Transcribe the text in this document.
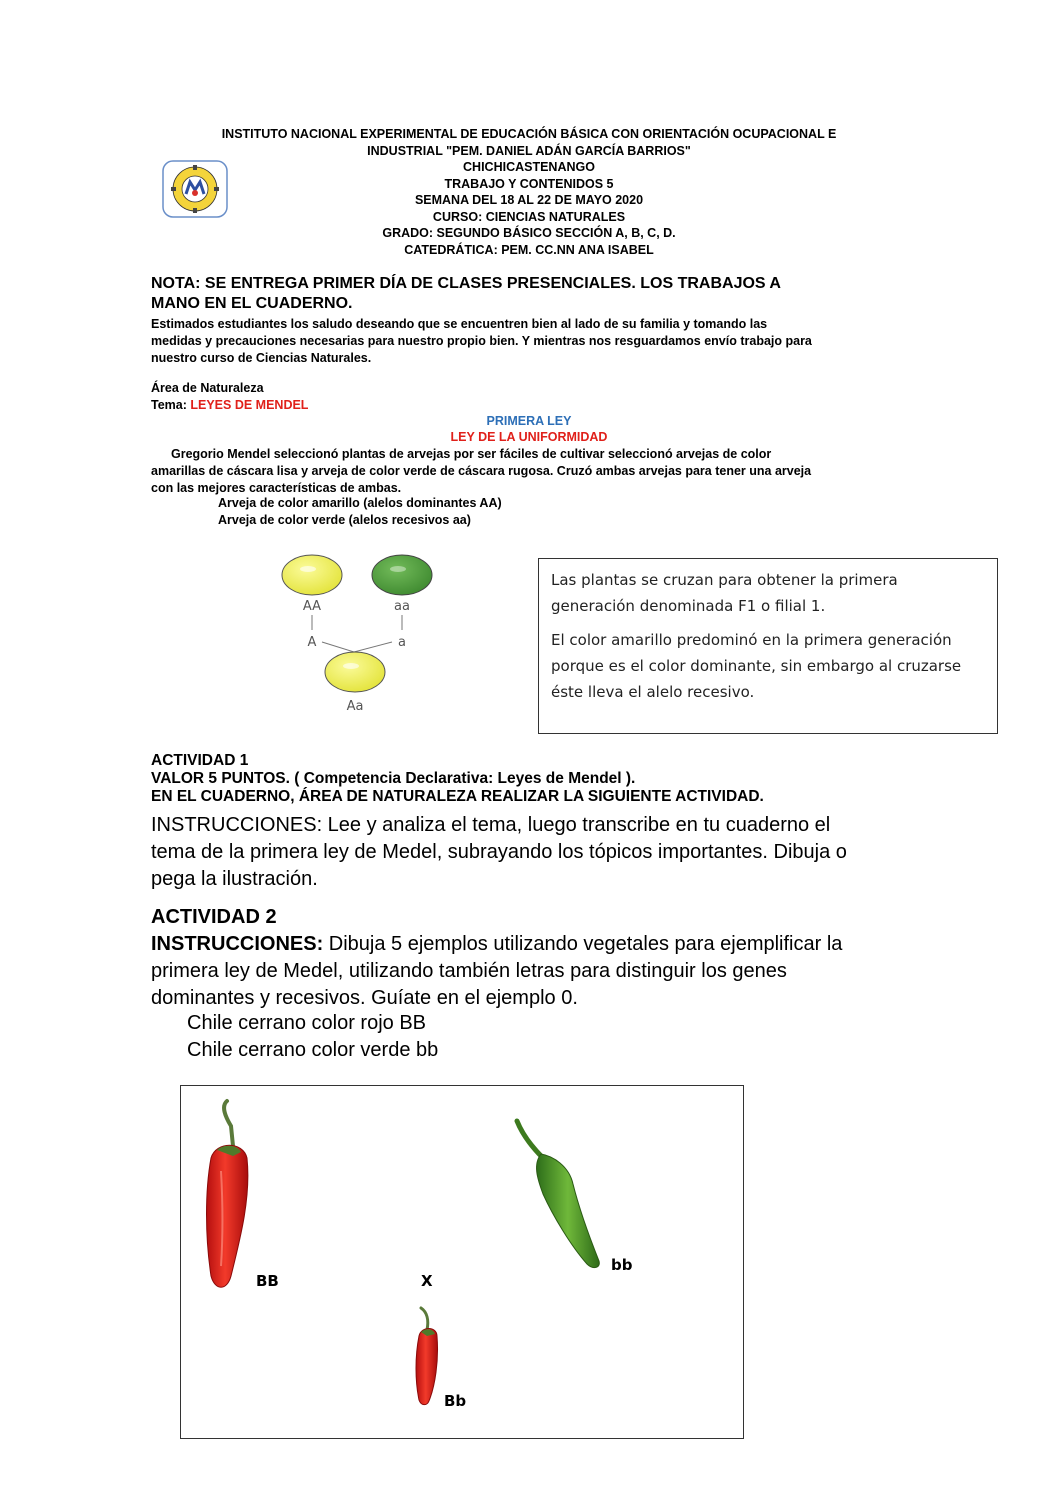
INSTITUTO NACIONAL EXPERIMENTAL DE EDUCACIÓN BÁSICA CON ORIENTACIÓN OCUPACIONAL E
INDUSTRIAL "PEM. DANIEL ADÁN GARCÍA BARRIOS"
CHICHICASTENANGO
TRABAJO Y CONTENIDOS 5
SEMANA DEL 18 AL 22 DE MAYO 2020
CURSO: CIENCIAS NATURALES
GRADO: SEGUNDO BÁSICO SECCIÓN A, B, C, D.
CATEDRÁTICA: PEM. CC.NN ANA ISABEL
NOTA: SE ENTREGA PRIMER DÍA DE CLASES PRESENCIALES. LOS TRABAJOS A
MANO EN EL CUADERNO.
Estimados estudiantes los saludo deseando que se encuentren bien al lado de su familia y tomando las
medidas y precauciones necesarias para nuestro propio bien. Y mientras nos resguardamos envío trabajo para
nuestro curso de Ciencias Naturales.
Área de Naturaleza
Tema: LEYES DE MENDEL
PRIMERA LEY
LEY DE LA UNIFORMIDAD
Gregorio Mendel seleccionó plantas de arvejas por ser fáciles de cultivar seleccionó arvejas de color
amarillas de cáscara lisa y arveja de color verde de cáscara rugosa. Cruzó ambas arvejas para tener una arveja
con las mejores características de ambas.
Arveja de color amarillo (alelos dominantes AA)
Arveja de color verde (alelos recesivos aa)
AA	aa
A	a
Aa

Las plantas se cruzan para obtener la primera generación denominada F1 o filial 1.

El color amarillo predominó en la primera generación porque es el color dominante, sin embargo al cruzarse éste lleva el alelo recesivo.

ACTIVIDAD 1
VALOR 5 PUNTOS. ( Competencia Declarativa: Leyes de Mendel ).
EN EL CUADERNO, ÁREA DE NATURALEZA REALIZAR LA SIGUIENTE ACTIVIDAD.
INSTRUCCIONES: Lee y analiza el tema, luego transcribe en tu cuaderno el
tema de la primera ley de Medel, subrayando los tópicos importantes. Dibuja o
pega la ilustración.
ACTIVIDAD 2
INSTRUCCIONES: Dibuja 5 ejemplos utilizando vegetales para ejemplificar la
primera ley de Medel, utilizando también letras para distinguir los genes
dominantes y recesivos. Guíate en el ejemplo 0.
Chile cerrano color rojo BB
Chile cerrano color verde bb
BB	X
bb
Bb
